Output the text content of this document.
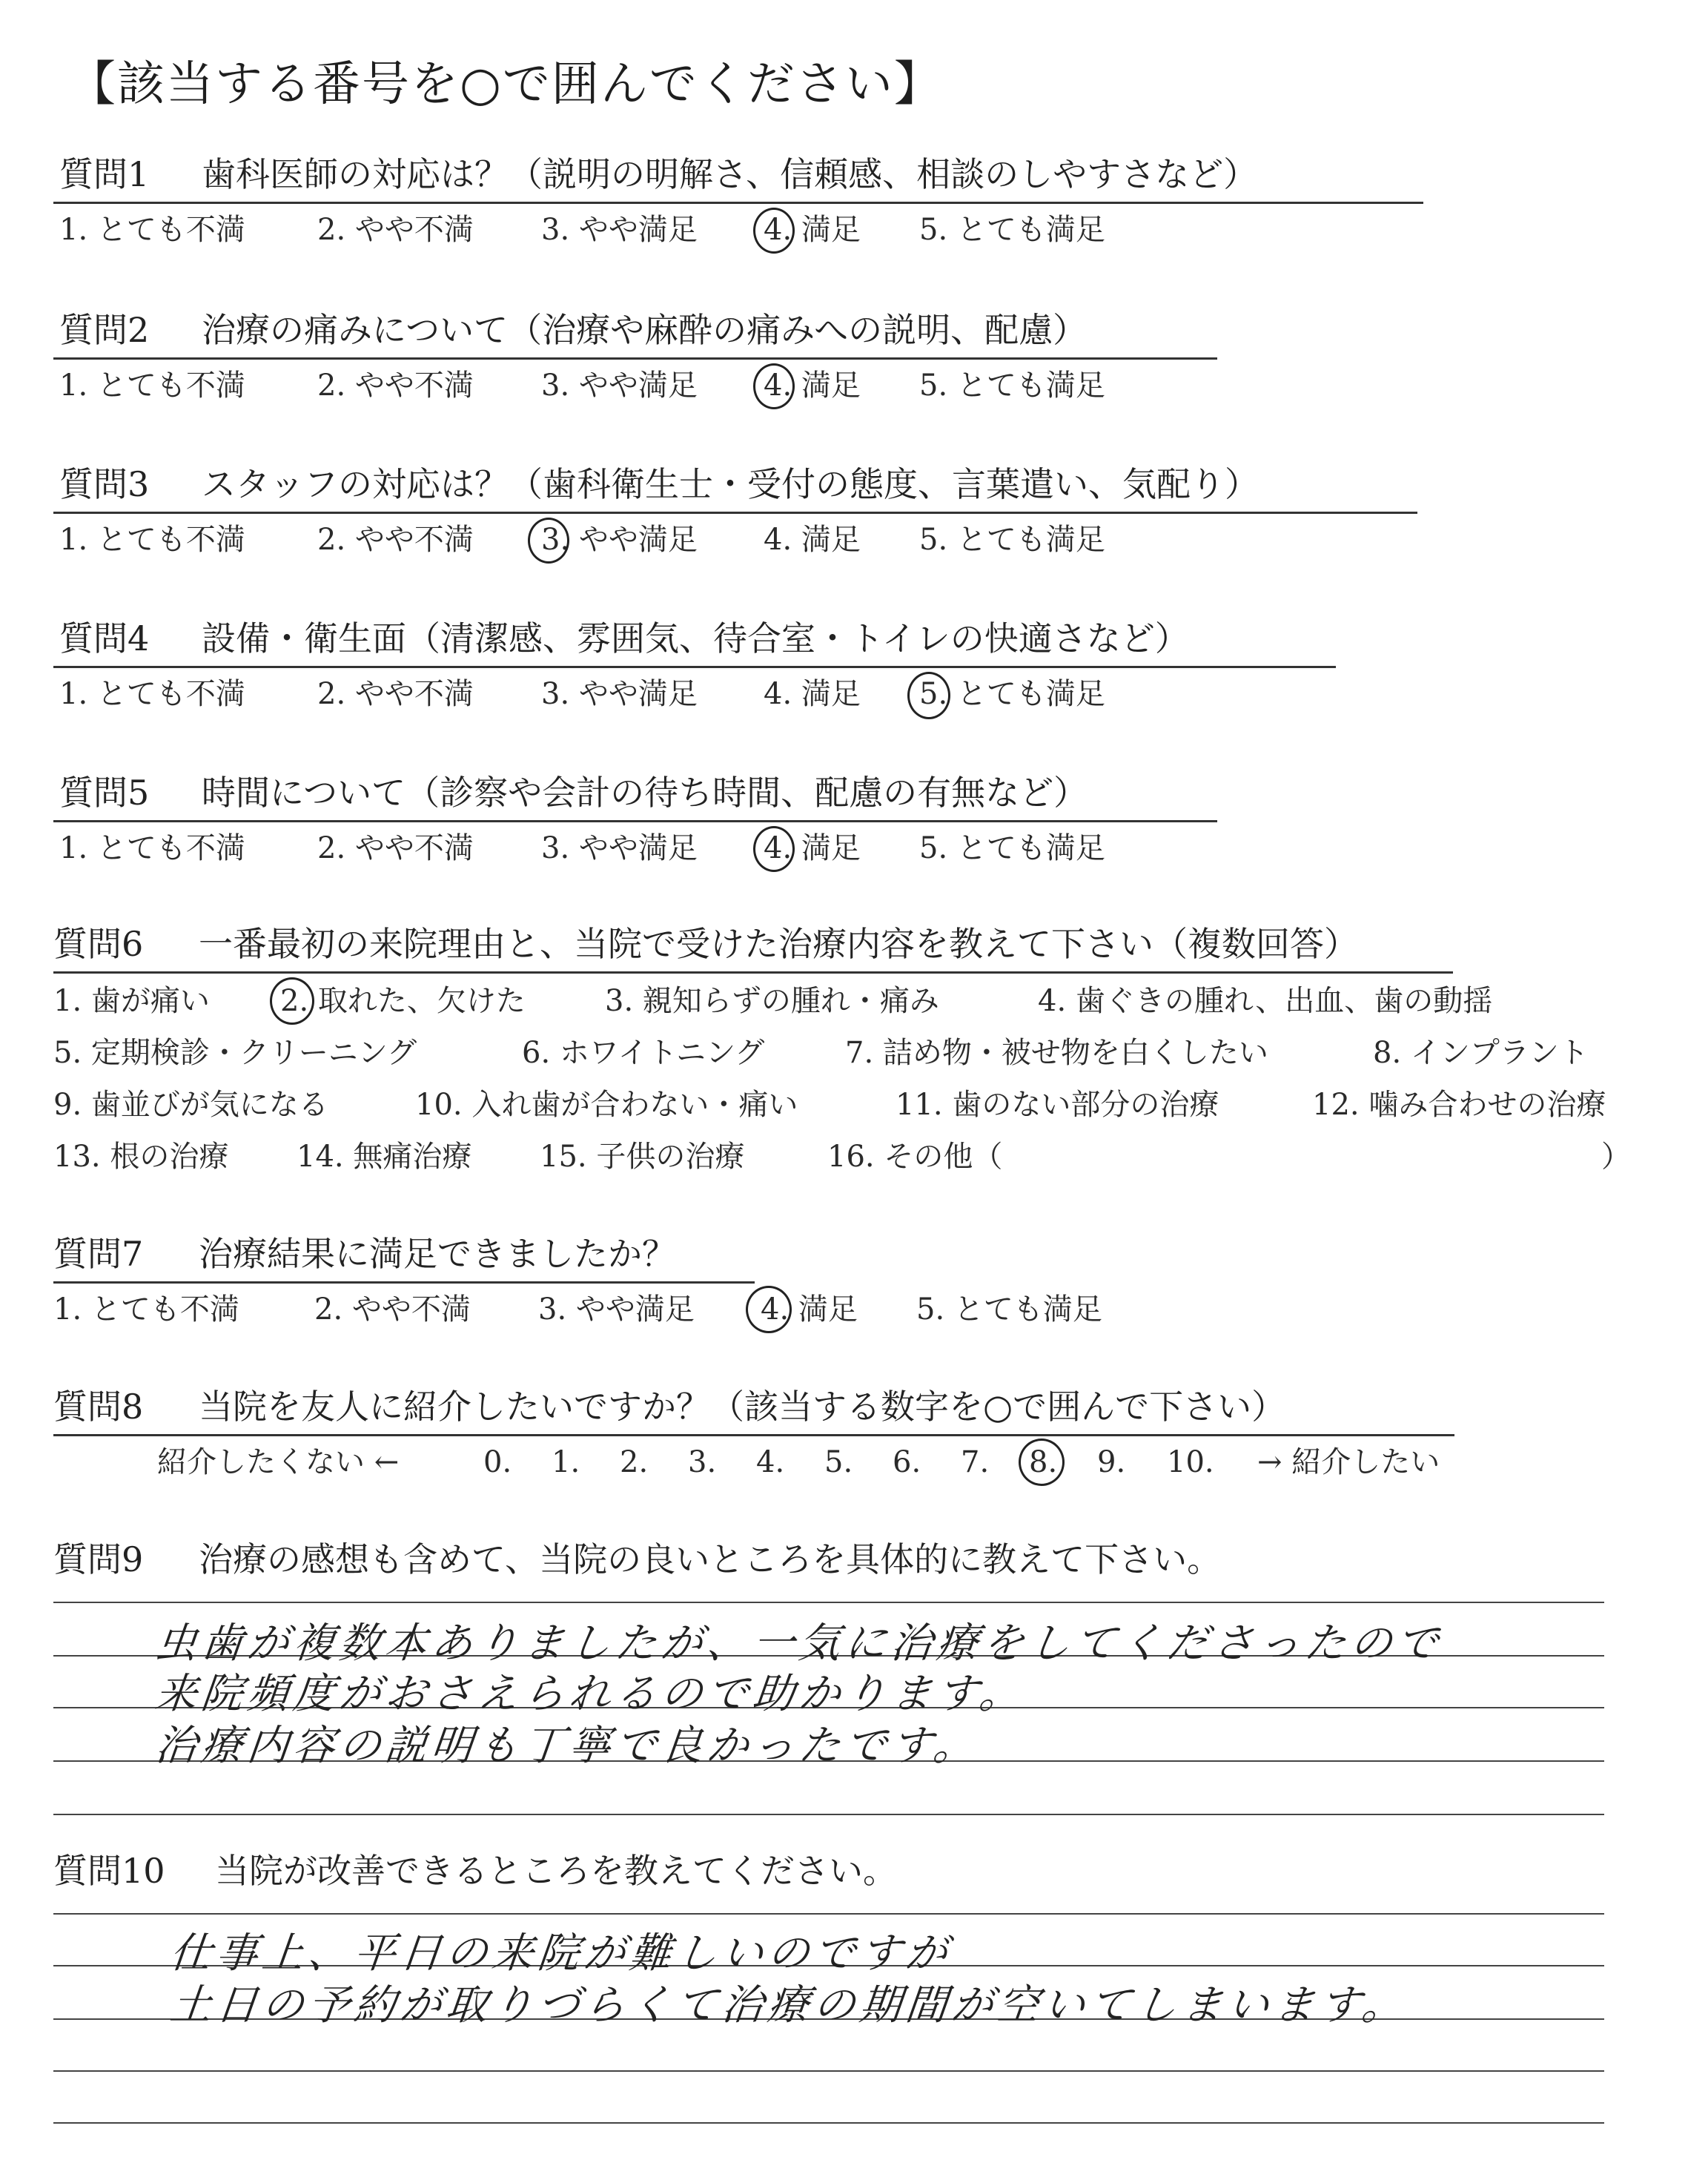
【該当する番号を○で囲んでください】
質問1 歯科医師の対応は？（説明の明解さ、信頼感、相談のしやすさなど）
1. とても不満 2. やや不満 3. やや満足 4. 満足 5. とても満足
質問2 治療の痛みについて（治療や麻酔の痛みへの説明、配慮）
1. とても不満 2. やや不満 3. やや満足 4. 満足 5. とても満足
質問3 スタッフの対応は？（歯科衛生士・受付の態度、言葉遣い、気配り）
1. とても不満 2. やや不満 3. やや満足 4. 満足 5. とても満足
質問4 設備・衛生面（清潔感、雰囲気、待合室・トイレの快適さなど）
1. とても不満 2. やや不満 3. やや満足 4. 満足 5. とても満足
質問5 時間について（診察や会計の待ち時間、配慮の有無など）
1. とても不満 2. やや不満 3. やや満足 4. 満足 5. とても満足
質問6 一番最初の来院理由と、当院で受けた治療内容を教えて下さい（複数回答）
1. 歯が痛い 2. 取れた、欠けた	3. 親知らずの腫れ・痛み	4. 歯ぐきの腫れ、出血、歯の動揺
5. 定期検診・クリーニング	6. ホワイトニング	7. 詰め物・被せ物を白くしたい	8. インプラント
9. 歯並びが気になる	10. 入れ歯が合わない・痛い	11. 歯のない部分の治療	12. 噛み合わせの治療
13. 根の治療 14. 無痛治療 15. 子供の治療	16. その他（	）
質問7 治療結果に満足できましたか？
1. とても不満	2. やや不満 3. やや満足 4. 満足 5. とても満足
質問8 当院を友人に紹介したいですか？（該当する数字を○で囲んで下さい）
紹介したくない ←	0. 1. 2. 3. 4. 5. 6. 7. 8. 9. 10. → 紹介したい
質問9 治療の感想も含めて、当院の良いところを具体的に教えて下さい。
虫歯が複数本ありましたが、一気に治療をしてくださったので
来院頻度がおさえられるので助かります。
治療内容の説明も丁寧で良かったです。
質問10 当院が改善できるところを教えてください。
仕事上、平日の来院が難しいのですが
土日の予約が取りづらくて治療の期間が空いてしまいます。
